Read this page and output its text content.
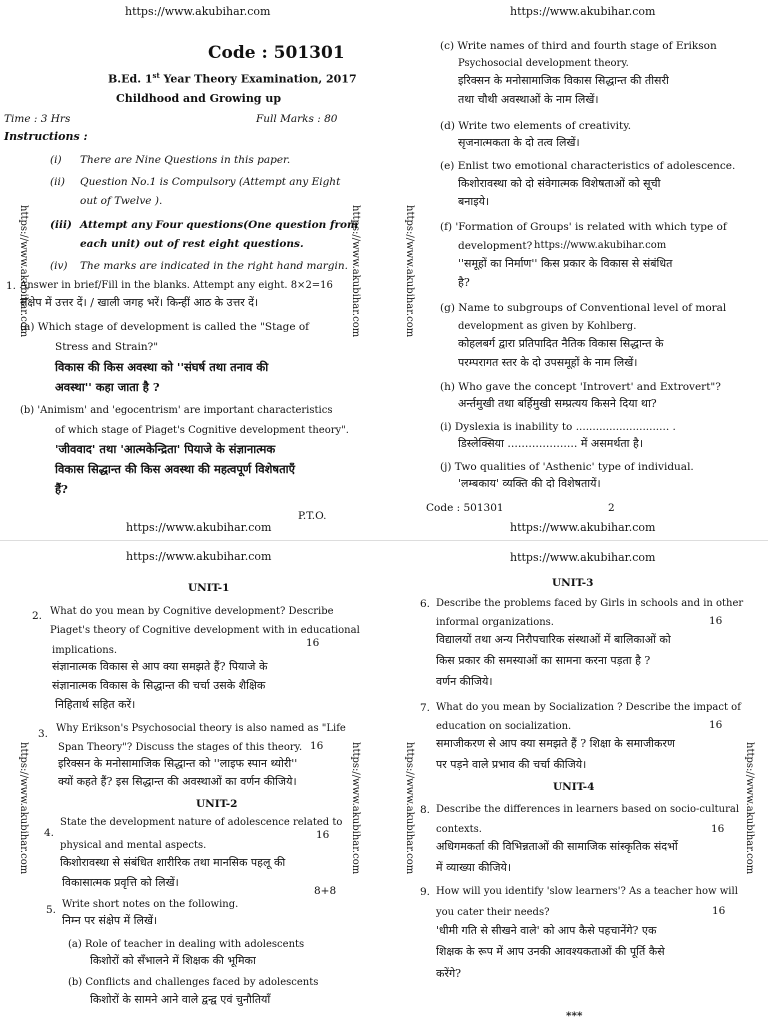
https://www.akubihar.com	https://www.akubihar.com
https://www.akubihar.com	https://www.akubihar.com
https://www.akubihar.com	https://www.akubihar.com
https://www.akubihar.com	https://www.akubihar.com	https://www.akubihar.com
https://www.akubihar.com	https://www.akubihar.com	https://www.akubihar.com	https://www.akubihar.com
Code : 501301
B.Ed. 1st Year Theory Examination, 2017
Childhood and Growing up
Time : 3 Hrs	Full Marks : 80
Instructions :
(i) There are Nine Questions in this paper.
(ii) Question No.1 is Compulsory (Attempt any Eight
out of Twelve ).
(iii) Attempt any Four questions(One question from
each unit) out of rest eight questions.
(iv) The marks are indicated in the right hand margin.
1. Answer in brief/Fill in the blanks. Attempt any eight. 8×2=16
संक्षेप में उत्तर दें। / खाली जगह भरें। किन्हीं आठ के उत्तर दें।
(a) Which stage of development is called the "Stage of
Stress and Strain?"
विकास की किस अवस्था को ''संघर्ष तथा तनाव की
अवस्था'' कहा जाता है ?
(b) 'Animism' and 'egocentrism' are important characteristics
of which stage of Piaget's Cognitive development theory".
'जीववाद' तथा 'आत्मकेन्द्रिता' पियाजे के संज्ञानात्मक
विकास सिद्धान्त की किस अवस्था की महत्वपूर्ण विशेषताएँ
हैं?
P.T.O.
(c) Write names of third and fourth stage of Erikson
Psychosocial development theory.
इरिक्सन के मनोसामाजिक विकास सिद्धान्त की तीसरी
तथा चौथी अवस्थाओं के नाम लिखें।
(d) Write two elements of creativity.
सृजनात्मकता के दो तत्व लिखें।
(e) Enlist two emotional characteristics of adolescence.
किशोरावस्था को दो संवेगात्मक विशेषताओं को सूची
बनाइये।
(f) 'Formation of Groups' is related with which type of
development? https://www.akubihar.com
''समूहों का निर्माण'' किस प्रकार के विकास से संबंधित
है?
(g) Name to subgroups of Conventional level of moral
development as given by Kohlberg.
कोहलबर्ग द्वारा प्रतिपादित नैतिक विकास सिद्धान्त के
परम्परागत स्तर के दो उपसमूहों के नाम लिखें।
(h) Who gave the concept 'Introvert' and Extrovert"?
अर्न्तमुखी तथा बर्हिमुखी सम्प्रत्यय किसने दिया था?
(i) Dyslexia is inability to ............................ .
डिस्लेक्सिया .................... में असमर्थता है।
(j) Two qualities of 'Asthenic' type of individual.
'लम्बकाय' व्यक्ति की दो विशेषतायें।
Code : 501301	2
UNIT-1
2. What do you mean by Cognitive development? Describe
Piaget's theory of Cognitive development with in educational
implications.
16
संज्ञानात्मक विकास से आप क्या समझते हैं? पियाजे के
संज्ञानात्मक विकास के सिद्धान्त की चर्चा उसके शैक्षिक
निहितार्थ सहित करें।
3. Why Erikson's Psychosocial theory is also named as "Life
Span Theory"? Discuss the stages of this theory. 16
इरिक्सन के मनोसामाजिक सिद्धान्त को ''लाइफ स्पान थ्योरी''
क्यों कहते हैं? इस सिद्धान्त की अवस्थाओं का वर्णन कीजिये।
UNIT-2
4.
State the development nature of adolescence related to
physical and mental aspects.
16
किशोरावस्था से संबंधित शारीरिक तथा मानसिक पहलू की
विकासात्मक प्रवृत्ति को लिखें।
8+8
5. Write short notes on the following.
निम्न पर संक्षेप में लिखें।
(a) Role of teacher in dealing with adolescents
किशोरों को सँभालने में शिक्षक की भूमिका
(b) Conflicts and challenges faced by adolescents
किशोरों के सामने आने वाले द्वन्द्व एवं चुनौतियाँ
UNIT-3
6. Describe the problems faced by Girls in schools and in other
informal organizations.	16
विद्यालयों तथा अन्य निरौपचारिक संस्थाओं में बालिकाओं को
किस प्रकार की समस्याओं का सामना करना पड़ता है ?
वर्णन कीजिये।
7. What do you mean by Socialization ? Describe the impact of
education on socialization.	16
समाजीकरण से आप क्या समझते हैं ? शिक्षा के समाजीकरण
पर पड़ने वाले प्रभाव की चर्चा कीजिये।
UNIT-4
8. Describe the differences in learners based on socio-cultural
contexts.	16
अधिगमकर्ता की विभिन्नताओं की सामाजिक सांस्कृतिक संदर्भो
में व्याख्या कीजिये।
9. How will you identify 'slow learners'? As a teacher how will
you cater their needs?	16
'धीमी गति से सीखने वाले' को आप कैसे पहचानेंगे? एक
शिक्षक के रूप में आप उनकी आवश्यकताओं की पूर्ति कैसे
करेंगे?
***
